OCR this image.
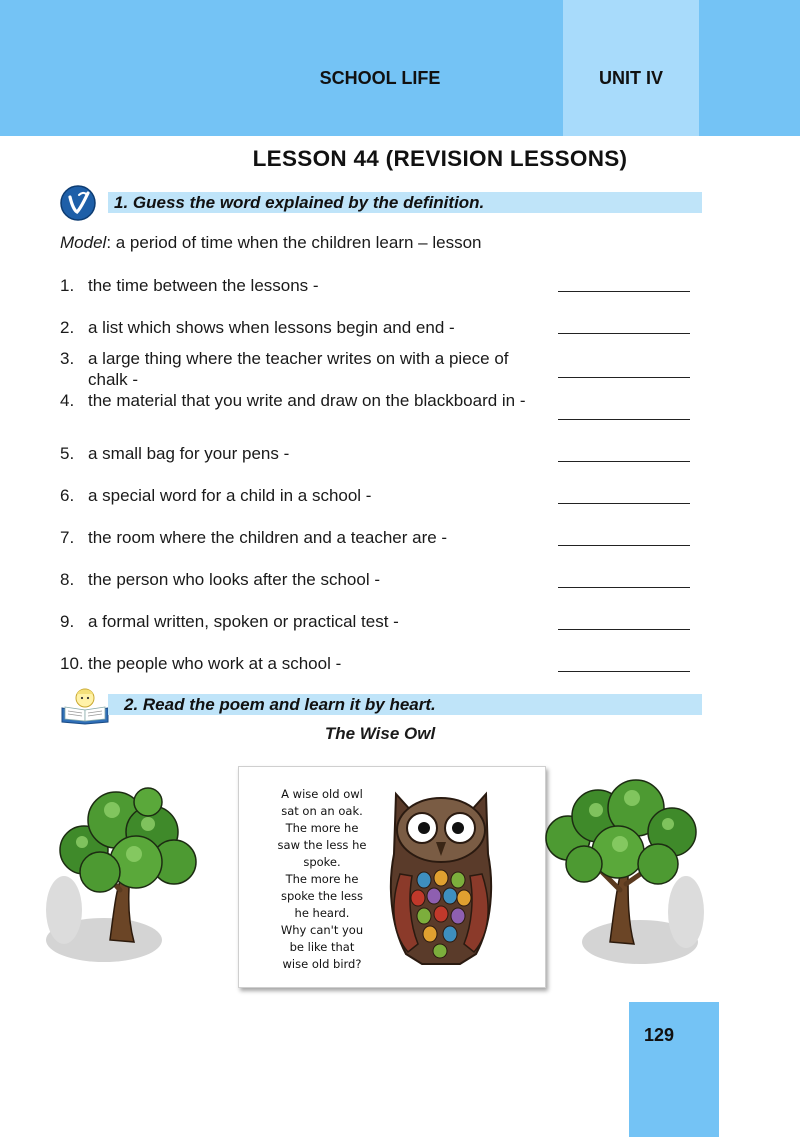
SCHOOL LIFE	UNIT IV
LESSON 44 (REVISION LESSONS)
1. Guess the word explained by the definition.
Model: a period of time when the children learn – lesson
1. the time between the lessons -
2. a list which shows when lessons begin and end -
3. a large thing where the teacher writes on with a piece of chalk -
4. the material that you write and draw on the blackboard in -
5. a small bag for your pens -
6. a special word for a child in a school -
7. the room where the children and a teacher are -
8. the person who looks after the school -
9. a formal written, spoken or practical test -
10. the people who work at a school -
2. Read the poem and learn it by heart.
The Wise Owl
A wise old owl
sat on an oak.
The more he
saw the less he
spoke.
The more he
spoke the less
he heard.
Why can't you
be like that
wise old bird?
129
